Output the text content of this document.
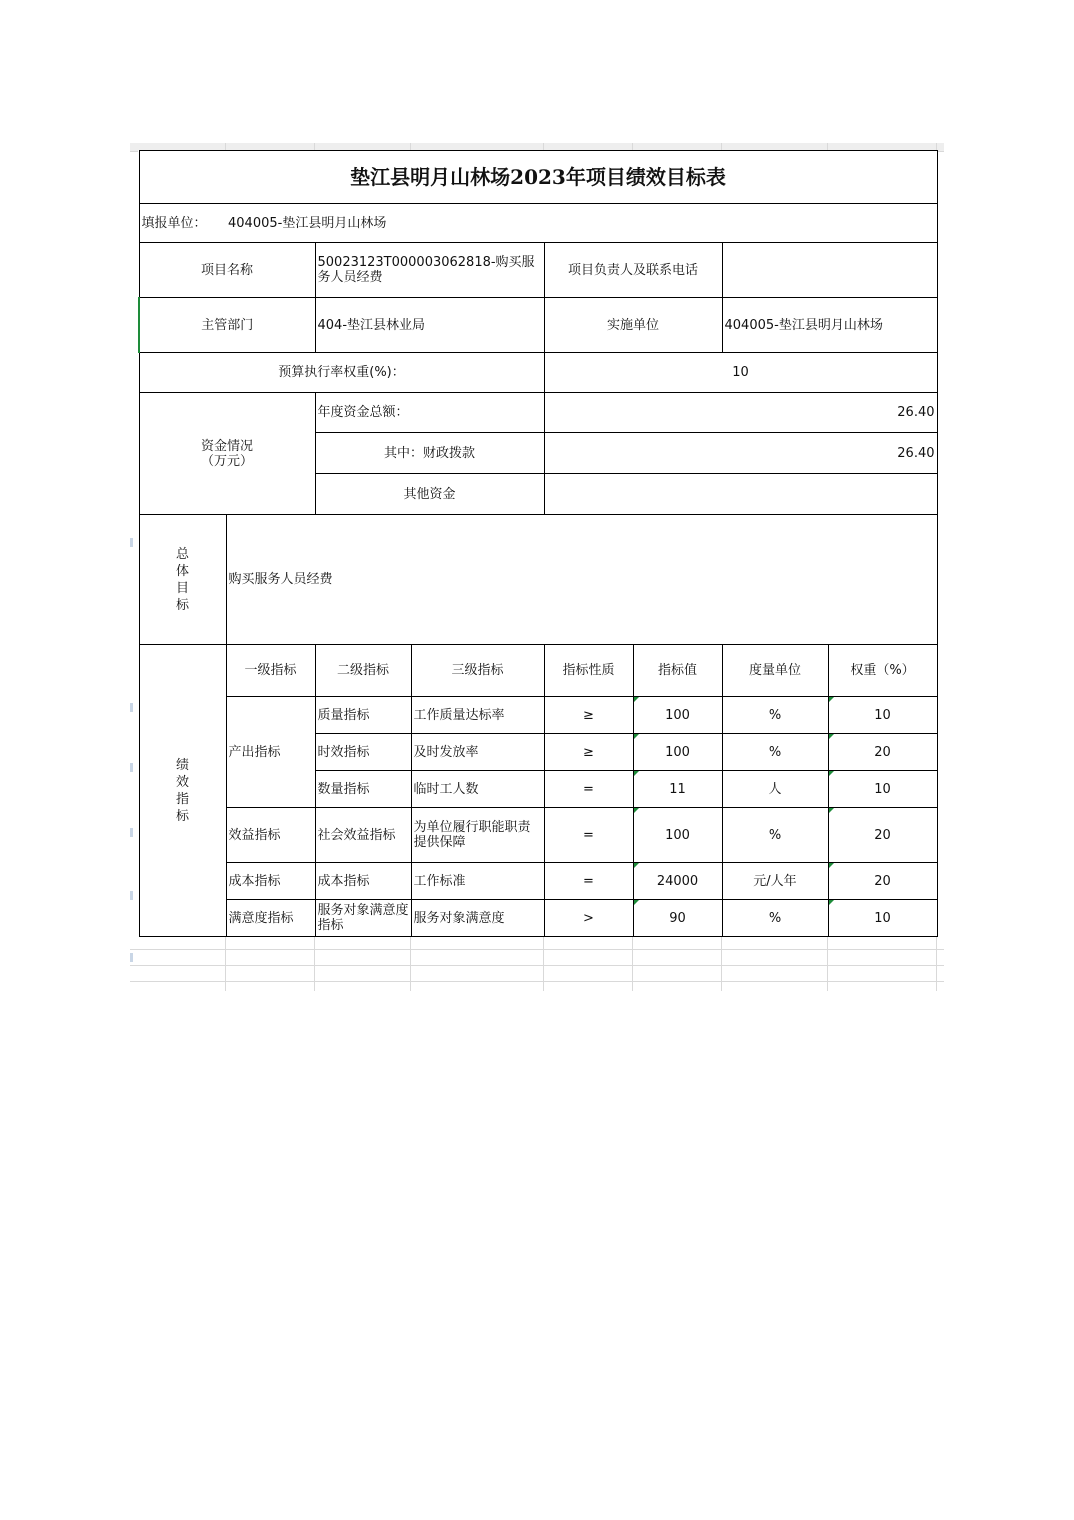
垫江县明月山林场2023年项目绩效目标表							
填报单位：	404005-垫江县明月山林场						
项目名称		50023123T000003062818-购买服务人员经费		项目负责人及联系电话			
主管部门		404-垫江县林业局		实施单位		404005-垫江县明月山林场	
预算执行率权重(%)：				10			
资金情况（万元）		年度资金总额：		26.40			
		其中：财政拨款		26.40			
		其他资金					
总体目标	购买服务人员经费						
绩效指标	一级指标	二级指标	三级指标	指标性质	指标值	度量单位	权重（%）
	产出指标	质量指标	工作质量达标率	≥	100	%	10
		时效指标	及时发放率	≥	100	%	20
		数量指标	临时工人数	=	11	人	10
	效益指标	社会效益指标	为单位履行职能职责提供保障	=	100	%	20
	成本指标	成本指标	工作标准	=	24000	元/人年	20
	满意度指标	服务对象满意度指标	服务对象满意度	>	90	%	10
